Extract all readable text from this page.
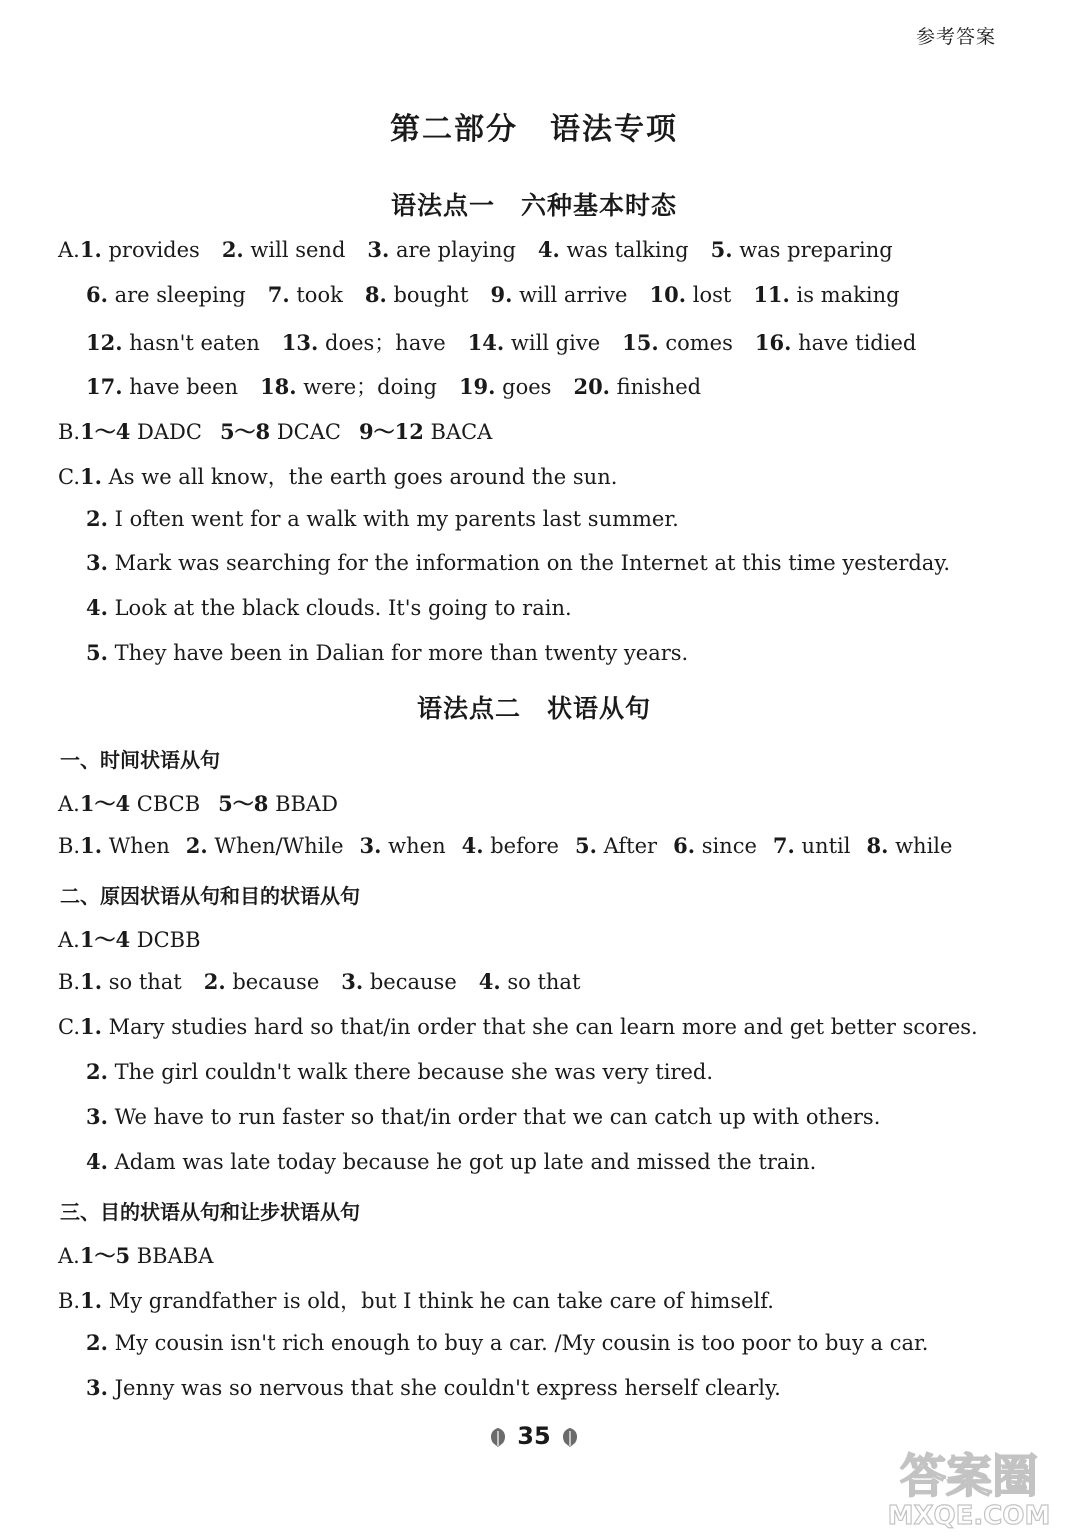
参考答案
第二部分　语法专项
语法点一　六种基本时态
A.1. provides 2. will send 3. are playing 4. was talking 5. was preparing
6. are sleeping 7. took 8. bought 9. will arrive 10. lost 11. is making
12. hasn't eaten 13. does；have 14. will give 15. comes 16. have tidied
17. have been 18. were；doing 19. goes 20. finished
B.1～4 DADC 5～8 DCAC 9～12 BACA
C.1. As we all know，the earth goes around the sun.
2. I often went for a walk with my parents last summer.
3. Mark was searching for the information on the Internet at this time yesterday.
4. Look at the black clouds. It's going to rain.
5. They have been in Dalian for more than twenty years.
语法点二　状语从句
一、时间状语从句
A.1～4 CBCB 5～8 BBAD
B.1. When 2. When/While 3. when 4. before 5. After 6. since 7. until 8. while
二、原因状语从句和目的状语从句
A.1～4 DCBB
B.1. so that 2. because 3. because 4. so that
C.1. Mary studies hard so that/in order that she can learn more and get better scores.
2. The girl couldn't walk there because she was very tired.
3. We have to run faster so that/in order that we can catch up with others.
4. Adam was late today because he got up late and missed the train.
三、目的状语从句和让步状语从句
A.1～5 BBABA
B.1. My grandfather is old，but I think he can take care of himself.
2. My cousin isn't rich enough to buy a car. /My cousin is too poor to buy a car.
3. Jenny was so nervous that she couldn't express herself clearly.
35
答案圈
MXQE.COM
